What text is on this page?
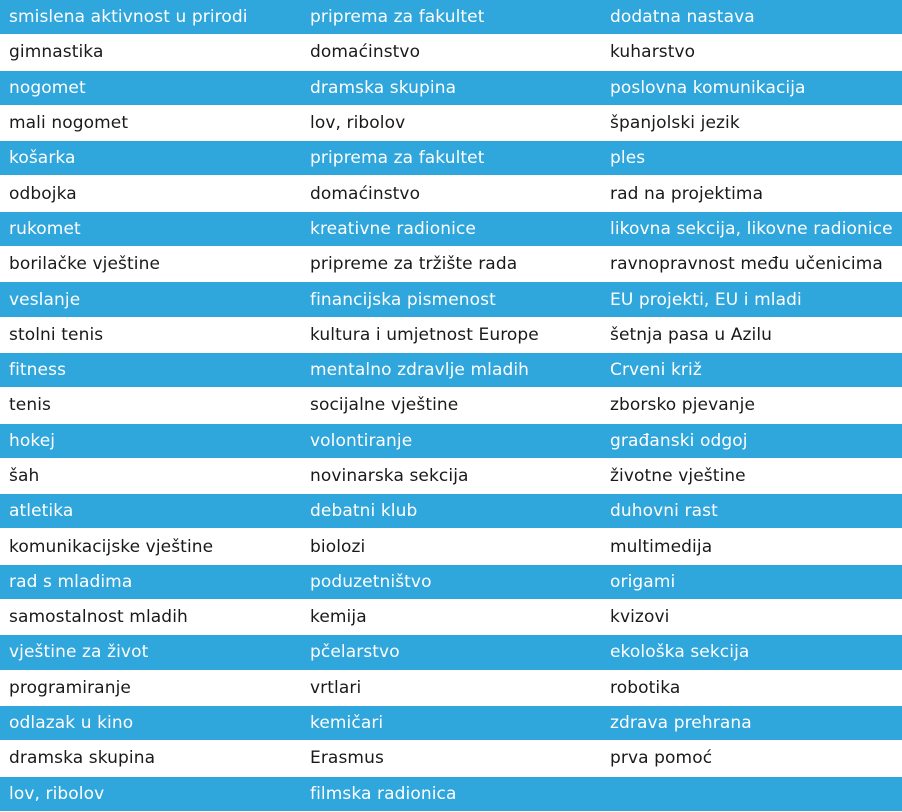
smislena aktivnost u prirodi	priprema za fakultet	dodatna nastava
gimnastika	domaćinstvo	kuharstvo
nogomet	dramska skupina	poslovna komunikacija
mali nogomet	lov, ribolov	španjolski jezik
košarka	priprema za fakultet	ples
odbojka	domaćinstvo	rad na projektima
rukomet	kreativne radionice	likovna sekcija, likovne radionice
borilačke vještine	pripreme za tržište rada	ravnopravnost među učenicima
veslanje	financijska pismenost	EU projekti, EU i mladi
stolni tenis	kultura i umjetnost Europe	šetnja pasa u Azilu
fitness	mentalno zdravlje mladih	Crveni križ
tenis	socijalne vještine	zborsko pjevanje
hokej	volontiranje	građanski odgoj
šah	novinarska sekcija	životne vještine
atletika	debatni klub	duhovni rast
komunikacijske vještine	biolozi	multimedija
rad s mladima	poduzetništvo	origami
samostalnost mladih	kemija	kvizovi
vještine za život	pčelarstvo	ekološka sekcija
programiranje	vrtlari	robotika
odlazak u kino	kemičari	zdrava prehrana
dramska skupina	Erasmus	prva pomoć
lov, ribolov	filmska radionica
